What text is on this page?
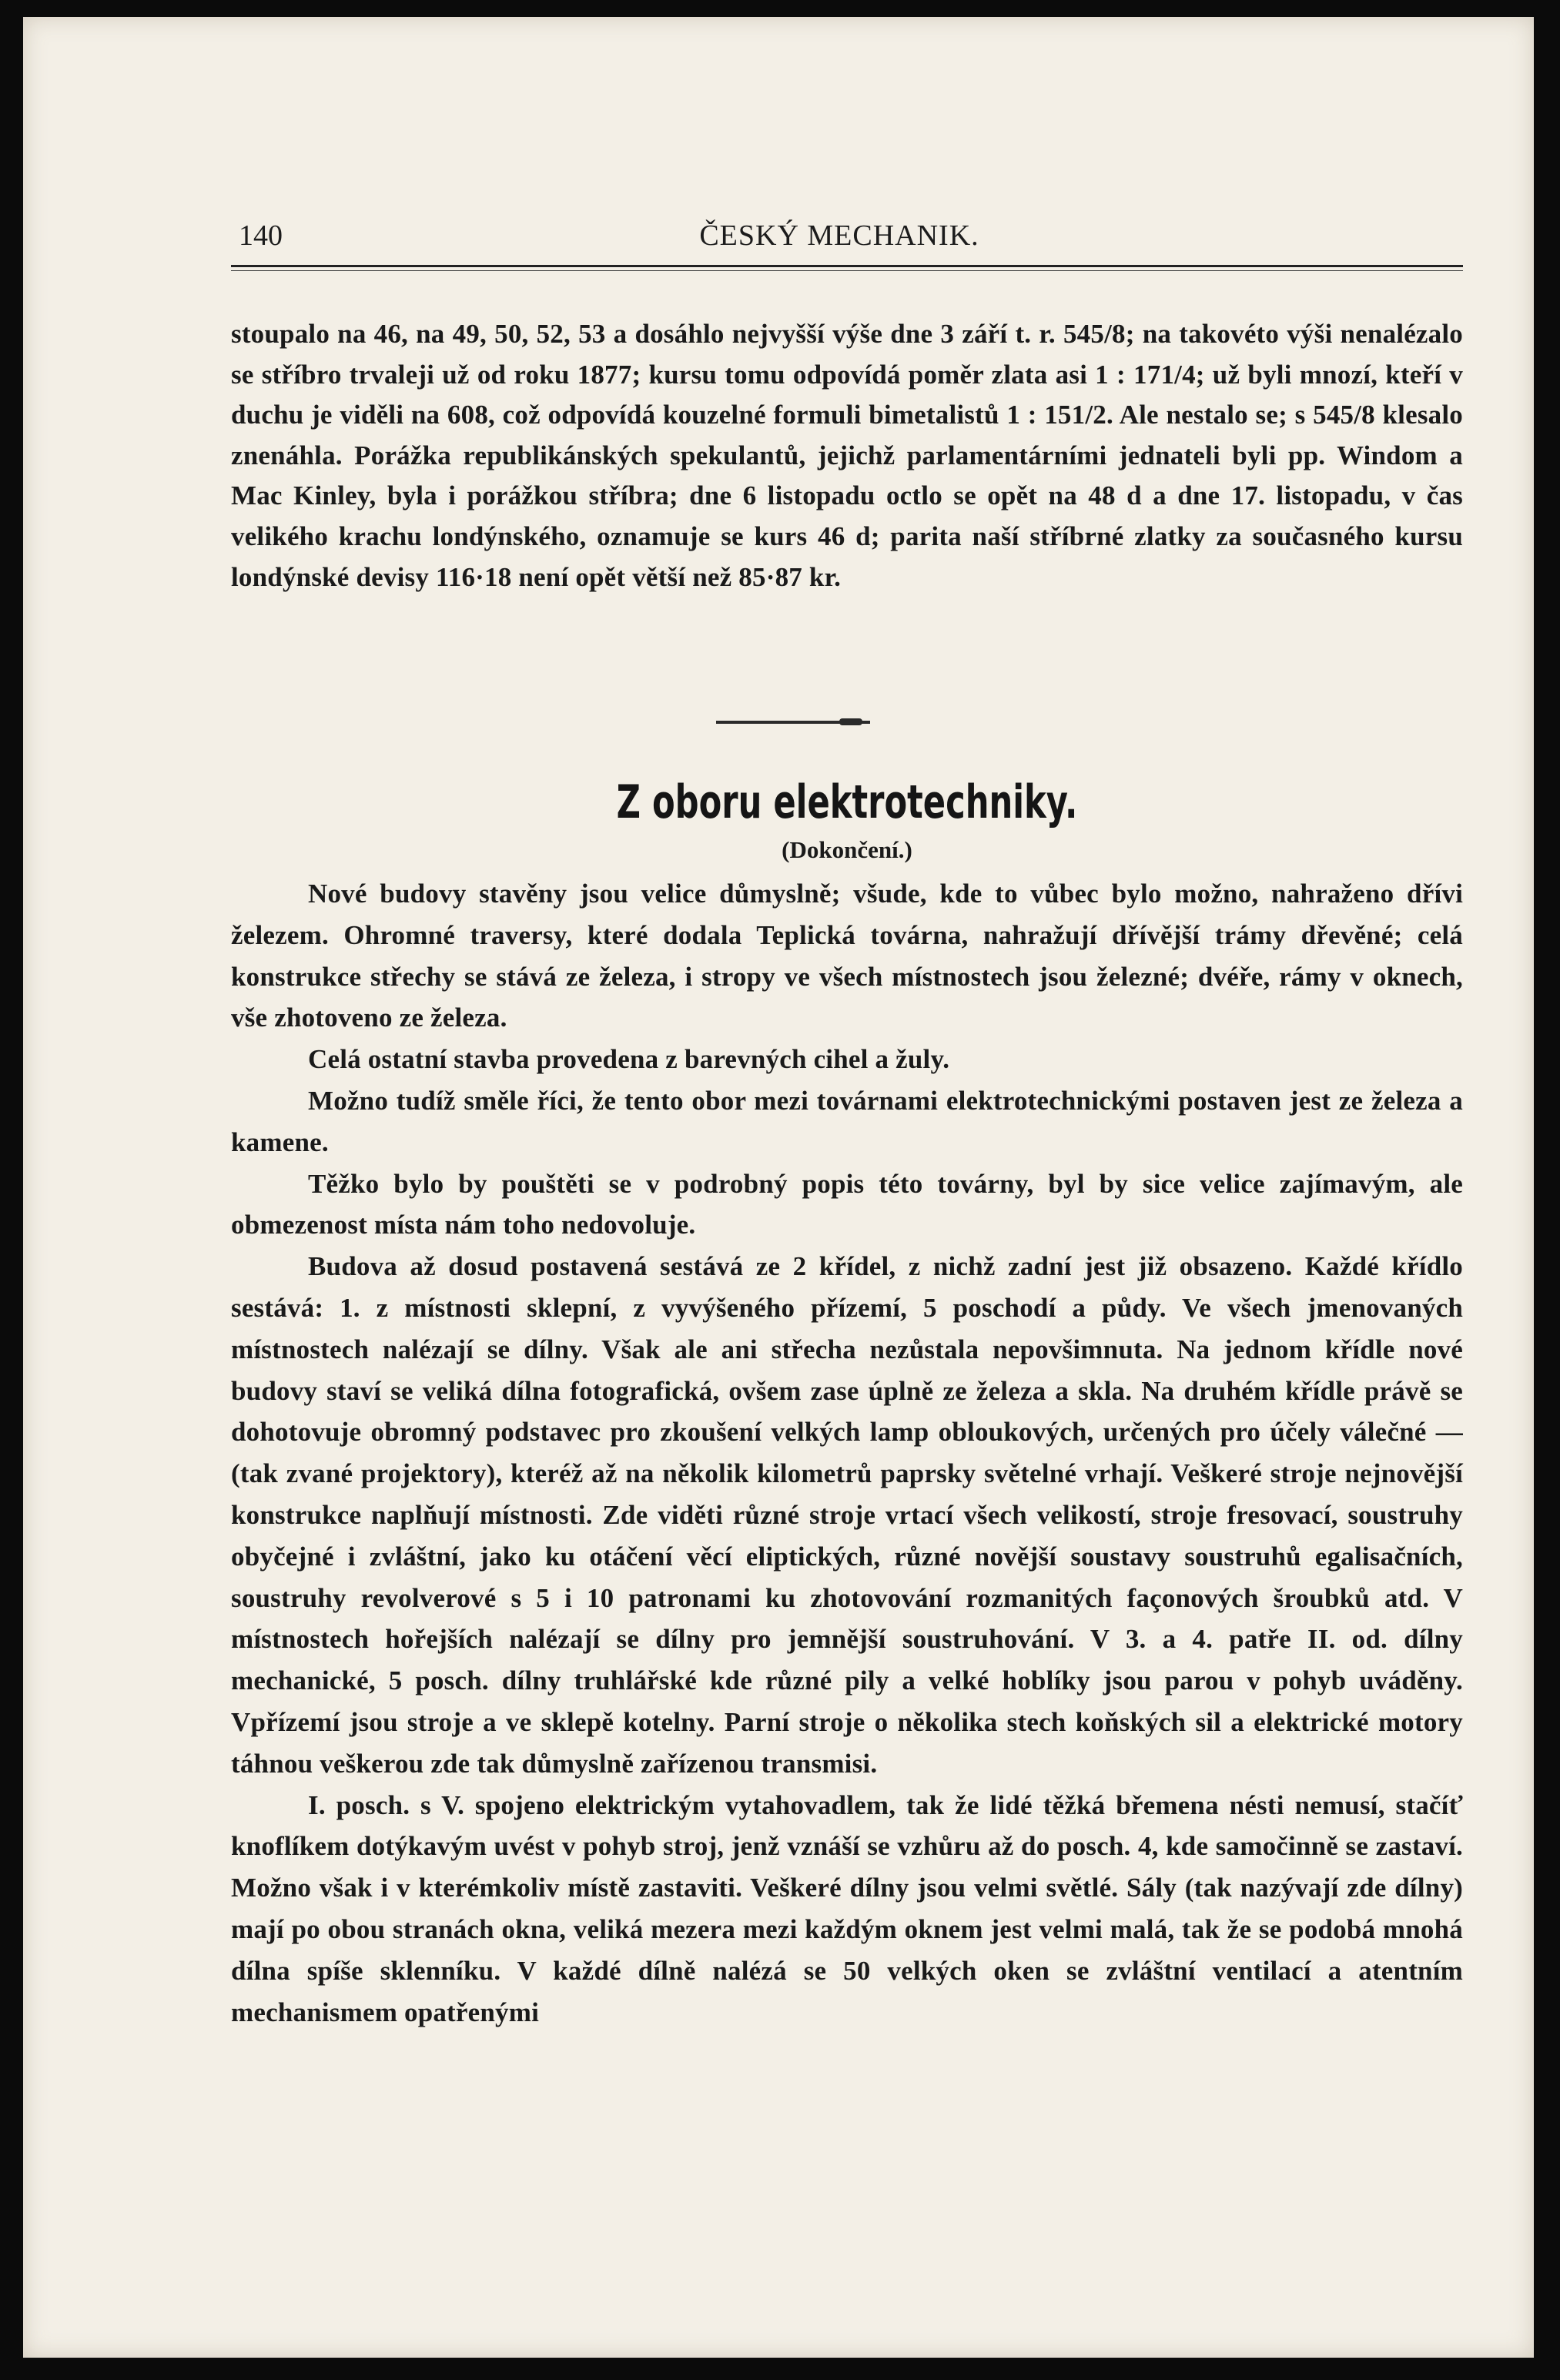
140	ČESKÝ MECHANIK.

stoupalo na 46, na 49, 50, 52, 53 a dosáhlo nejvyšší výše dne 3 září t. r. 545/8; na takovéto výši nenalézalo se stříbro trvaleji už od roku 1877; kursu tomu odpovídá poměr zlata asi 1 : 171/4; už byli mnozí, kteří v duchu je viděli na 608, což odpovídá kouzelné formuli bimetalistů 1 : 151/2. Ale nestalo se; s 545/8 klesalo znenáhla. Porážka republikánských spekulantů, jejichž parlamentárními jednateli byli pp. Windom a Mac Kinley, byla i porážkou stříbra; dne 6 listopadu octlo se opět na 48 d a dne 17. listopadu, v čas velikého krachu londýnského, oznamuje se kurs 46 d; parita naší stříbrné zlatky za současného kursu londýnské devisy 116·18 není opět větší než 85·87 kr.

Z oboru elektrotechniky.
(Dokončení.)

Nové budovy stavěny jsou velice důmyslně; všude, kde to vůbec bylo možno, nahraženo dřívi železem. Ohromné traversy, které dodala Teplická továrna, nahražují dřívější trámy dřevěné; celá konstrukce střechy se stává ze železa, i stropy ve všech místnostech jsou železné; dvéře, rámy v oknech, vše zhotoveno ze železa.

Celá ostatní stavba provedena z barevných cihel a žuly.

Možno tudíž směle říci, že tento obor mezi továrnami elektrotechnickými postaven jest ze železa a kamene.

Těžko bylo by pouštěti se v podrobný popis této továrny, byl by sice velice zajímavým, ale obmezenost místa nám toho nedovoluje.

Budova až dosud postavená sestává ze 2 křídel, z nichž zadní jest již obsazeno. Každé křídlo sestává: 1. z místnosti sklepní, z vyvýšeného přízemí, 5 poschodí a půdy. Ve všech jmenovaných místnostech nalézají se dílny. Však ale ani střecha nezůstala nepovšimnuta. Na jednom křídle nové budovy staví se veliká dílna fotografická, ovšem zase úplně ze železa a skla. Na druhém křídle právě se dohotovuje obromný podstavec pro zkoušení velkých lamp obloukových, určených pro účely válečné — (tak zvané projektory), kteréž až na několik kilometrů paprsky světelné vrhají. Veškeré stroje nejnovější konstrukce naplňují místnosti. Zde viděti různé stroje vrtací všech velikostí, stroje fresovací, soustruhy obyčejné i zvláštní, jako ku otáčení věcí eliptických, různé novější soustavy soustruhů egalisačních, soustruhy revolverové s 5 i 10 patronami ku zhotovování rozmanitých façonových šroubků atd. V místnostech hořejších nalézají se dílny pro jemnější soustruhování. V 3. a 4. patře II. od. dílny mechanické, 5 posch. dílny truhlářské kde různé pily a velké hoblíky jsou parou v pohyb uváděny. Vpřízemí jsou stroje a ve sklepě kotelny. Parní stroje o několika stech koňských sil a elektrické motory táhnou veškerou zde tak důmyslně zařízenou transmisi.

I. posch. s V. spojeno elektrickým vytahovadlem, tak že lidé těžká břemena nésti nemusí, stačíť knoflíkem dotýkavým uvést v pohyb stroj, jenž vznáší se vzhůru až do posch. 4, kde samočinně se zastaví. Možno však i v kterémkoliv místě zastaviti. Veškeré dílny jsou velmi světlé. Sály (tak nazývají zde dílny) mají po obou stranách okna, veliká mezera mezi každým oknem jest velmi malá, tak že se podobá mnohá dílna spíše sklenníku. V každé dílně nalézá se 50 velkých oken se zvláštní ventilací a atentním mechanismem opatřenými
